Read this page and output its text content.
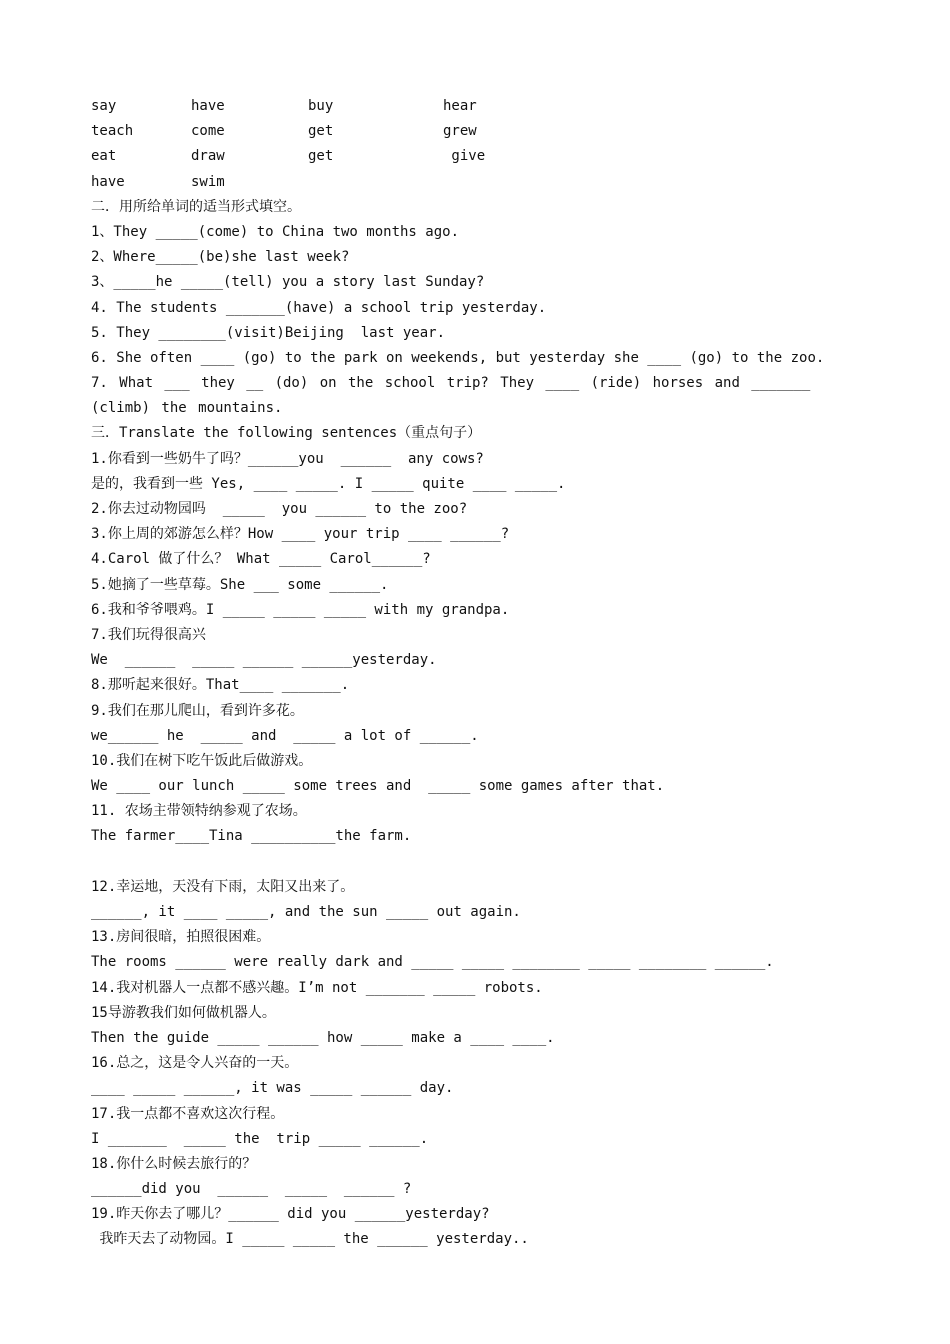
say	have	buy	hear
teach	come	get	grew
eat	draw	get	give
have	swim
二．用所给单词的适当形式填空。
1、They _____(come) to China two months ago.
2、Where_____(be)she last week?
3、_____he _____(tell) you a story last Sunday?
4. The students _______(have) a school trip yesterday.
5. They ________(visit)Beijing  last year.
6. She often ____ (go) to the park on weekends, but yesterday she ____ (go) to the zoo.
7. What ___ they __ (do) on the school trip? They ____ (ride) horses and _______ (climb) the mountains.
三．Translate the following sentences（重点句子）
1.你看到一些奶牛了吗？______you  ______  any cows?
是的，我看到一些 Yes, ____ _____. I _____ quite ____ _____.
2.你去过动物园吗  _____  you ______ to the zoo?
3.你上周的郊游怎么样？How ____ your trip ____ ______?
4.Carol 做了什么？ What _____ Carol______?
5.她摘了一些草莓。She ___ some ______.
6.我和爷爷喂鸡。I _____ _____ _____ with my grandpa.
7.我们玩得很高兴
We  ______  _____ ______ ______yesterday.
8.那听起来很好。That____ _______.
9.我们在那儿爬山，看到许多花。
we______ he  _____ and  _____ a lot of ______.
10.我们在树下吃午饭此后做游戏。
We ____ our lunch _____ some trees and  _____ some games after that.
11. 农场主带领特纳参观了农场。
The farmer____Tina __________the farm.
12.幸运地，天没有下雨，太阳又出来了。
______, it ____ _____, and the sun _____ out again.
13.房间很暗，拍照很困难。
The rooms ______ were really dark and _____ _____ ________ _____ ________ ______.
14.我对机器人一点都不感兴趣。I’m not _______ _____ robots.
15导游教我们如何做机器人。
Then the guide _____ ______ how _____ make a ____ ____.
16.总之，这是令人兴奋的一天。
____ _____ ______, it was _____ ______ day.
17.我一点都不喜欢这次行程。
I _______  _____ the  trip _____ ______.
18.你什么时候去旅行的？
______did you  ______  _____  ______ ?
19.昨天你去了哪儿？______ did you ______yesterday?
我昨天去了动物园。I _____ _____ the ______ yesterday..
